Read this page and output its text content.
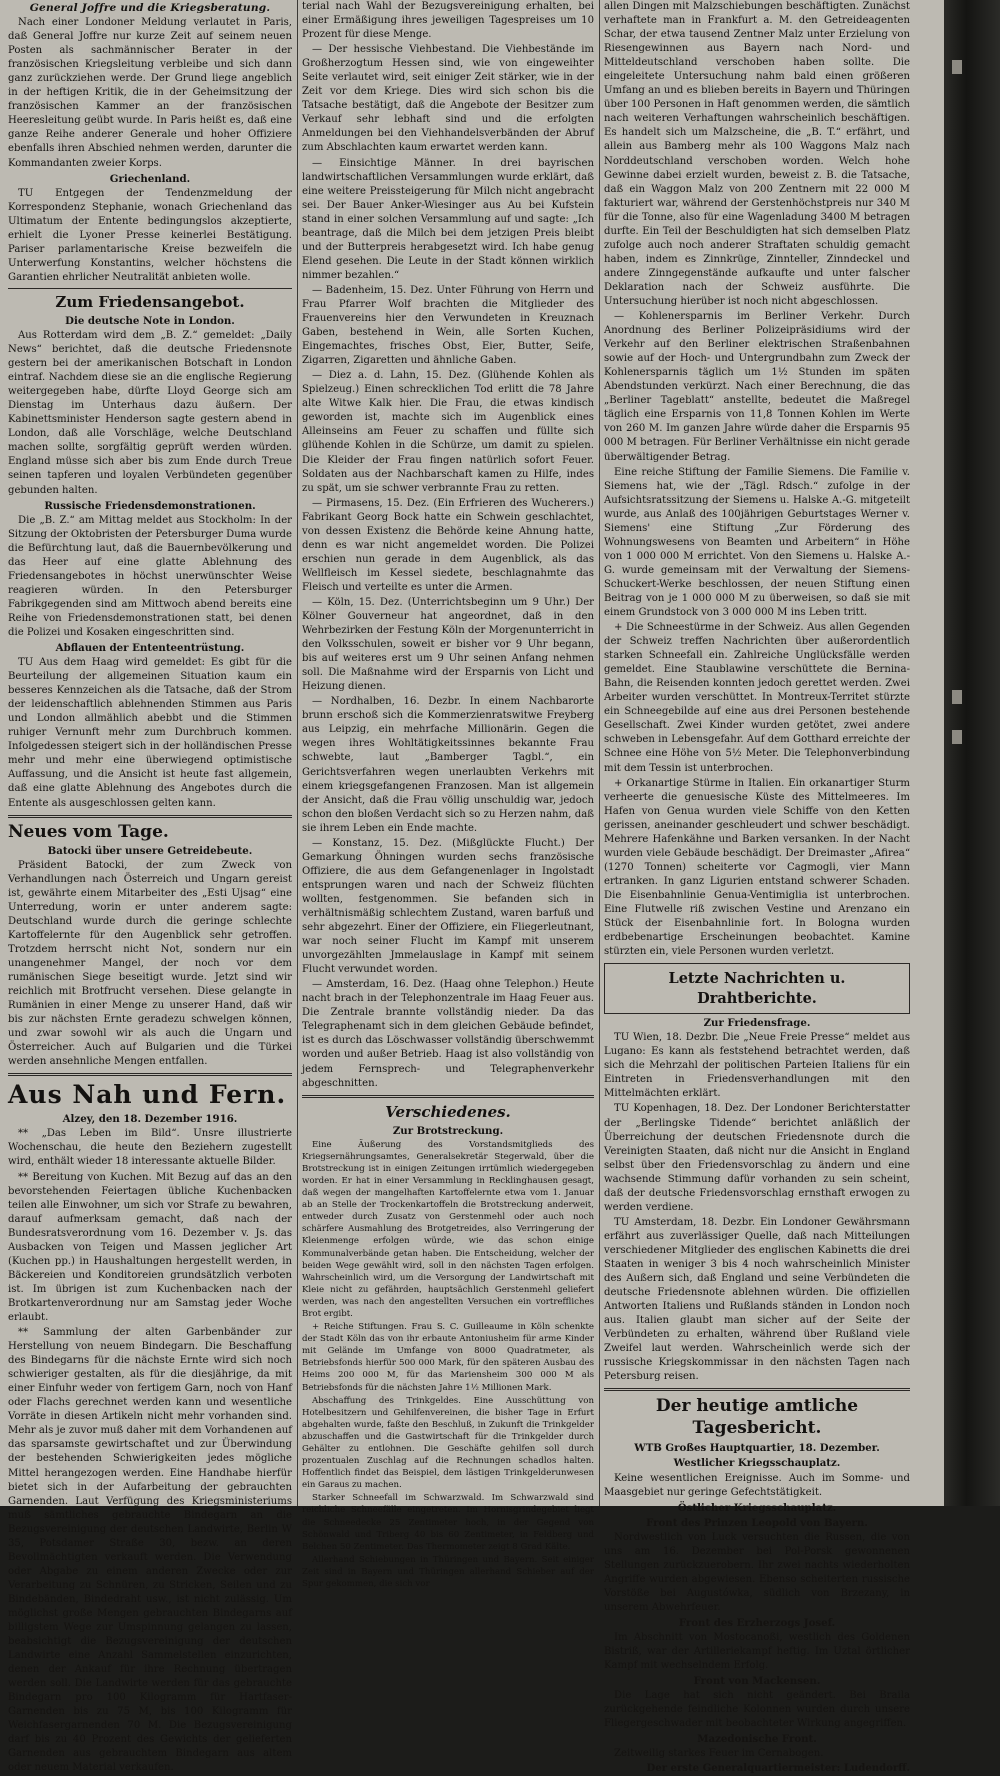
General Joffre und die Kriegsberatung.

Nach einer Londoner Meldung verlautet in Paris, daß General Joffre nur kurze Zeit auf seinem neuen Posten als sachmännischer Berater in der französischen Kriegsleitung verbleibe und sich dann ganz zurückziehen werde. Der Grund liege angeblich in der heftigen Kritik, die in der Geheimsitzung der französischen Kammer an der französischen Heeresleitung geübt wurde. In Paris heißt es, daß eine ganze Reihe anderer Generale und hoher Offiziere ebenfalls ihren Abschied nehmen werden, darunter die Kommandanten zweier Korps.

Griechenland.

TU Entgegen der Tendenzmeldung der Korrespondenz Stephanie, wonach Griechenland das Ultimatum der Entente bedingungslos akzeptierte, erhielt die Lyoner Presse keinerlei Bestätigung. Pariser parlamentarische Kreise bezweifeln die Unterwerfung Konstantins, welcher höchstens die Garantien ehrlicher Neutralität anbieten wolle.

Zum Friedensangebot.
Die deutsche Note in London.

Aus Rotterdam wird dem „B. Z.“ gemeldet: „Daily News“ berichtet, daß die deutsche Friedensnote gestern bei der amerikanischen Botschaft in London eintraf. Nachdem diese sie an die englische Regierung weitergegeben habe, dürfte Lloyd George sich am Dienstag im Unterhaus dazu äußern. Der Kabinettsminister Henderson sagte gestern abend in London, daß alle Vorschläge, welche Deutschland machen sollte, sorgfältig geprüft werden würden. England müsse sich aber bis zum Ende durch Treue seinen tapferen und loyalen Verbündeten gegenüber gebunden halten.

Russische Friedensdemonstrationen.

Die „B. Z.“ am Mittag meldet aus Stockholm: In der Sitzung der Oktobristen der Petersburger Duma wurde die Befürchtung laut, daß die Bauernbevölkerung und das Heer auf eine glatte Ablehnung des Friedensangebotes in höchst unerwünschter Weise reagieren würden. In den Petersburger Fabrikgegenden sind am Mittwoch abend bereits eine Reihe von Friedensdemonstrationen statt, bei denen die Polizei und Kosaken eingeschritten sind.

Abflauen der Ententeentrüstung.

TU Aus dem Haag wird gemeldet: Es gibt für die Beurteilung der allgemeinen Situation kaum ein besseres Kennzeichen als die Tatsache, daß der Strom der leidenschaftlich ablehnenden Stimmen aus Paris und London allmählich abebbt und die Stimmen ruhiger Vernunft mehr zum Durchbruch kommen. Infolgedessen steigert sich in der holländischen Presse mehr und mehr eine überwiegend optimistische Auffassung, und die Ansicht ist heute fast allgemein, daß eine glatte Ablehnung des Angebotes durch die Entente als ausgeschlossen gelten kann.

Neues vom Tage.
Batocki über unsere Getreidebeute.

Präsident Batocki, der zum Zweck von Verhandlungen nach Österreich und Ungarn gereist ist, gewährte einem Mitarbeiter des „Esti Ujsag“ eine Unterredung, worin er unter anderem sagte: Deutschland wurde durch die geringe schlechte Kartoffelernte für den Augenblick sehr getroffen. Trotzdem herrscht nicht Not, sondern nur ein unangenehmer Mangel, der noch vor dem rumänischen Siege beseitigt wurde. Jetzt sind wir reichlich mit Brotfrucht versehen. Diese gelangte in Rumänien in einer Menge zu unserer Hand, daß wir bis zur nächsten Ernte geradezu schwelgen können, und zwar sowohl wir als auch die Ungarn und Österreicher. Auch auf Bulgarien und die Türkei werden ansehnliche Mengen entfallen.

Aus Nah und Fern.
Alzey, den 18. Dezember 1916.

** „Das Leben im Bild“. Unsre illustrierte Wochenschau, die heute den Beziehern zugestellt wird, enthält wieder 18 interessante aktuelle Bilder.

** Bereitung von Kuchen. Mit Bezug auf das an den bevorstehenden Feiertagen übliche Kuchenbacken teilen alle Einwohner, um sich vor Strafe zu bewahren, darauf aufmerksam gemacht, daß nach der Bundesratsverordnung vom 16. Dezember v. Js. das Ausbacken von Teigen und Massen jeglicher Art (Kuchen pp.) in Haushaltungen hergestellt werden, in Bäckereien und Konditoreien grundsätzlich verboten ist. Im übrigen ist zum Kuchenbacken nach der Brotkartenverordnung nur am Samstag jeder Woche erlaubt.

** Sammlung der alten Garbenbänder zur Herstellung von neuem Bindegarn. Die Beschaffung des Bindegarns für die nächste Ernte wird sich noch schwieriger gestalten, als für die diesjährige, da mit einer Einfuhr weder von fertigem Garn, noch von Hanf oder Flachs gerechnet werden kann und wesentliche Vorräte in diesen Artikeln nicht mehr vorhanden sind. Mehr als je zuvor muß daher mit dem Vorhandenen auf das sparsamste gewirtschaftet und zur Überwindung der bestehenden Schwierigkeiten jedes mögliche Mittel herangezogen werden. Eine Handhabe hierfür bietet sich in der Aufarbeitung der gebrauchten Garnenden. Laut Verfügung des Kriegsministeriums muß sämtliches gebrauchte Bindegarn an die Bezugsvereinigung der deutschen Landwirte, Berlin W 35, Potsdamer Straße 30, bezw. an deren Bevollmächtigten verkauft werden. Die Verwendung oder Abgabe zu einem anderen Zwecke oder zur Verarbeitung zu Schnüren, zu Stricken, Seilen und zu Bindebänden, Bindedraht usw., ist nicht zulässig. Um möglichst große Mengen gebrauchten Bindegarns auf billigstem Wege zur Umspinnung gelangen zu lassen, beabsichtigt die Bezugsvereinigung der deutschen Landwirte eine Anzahl Sammelstellen einzurichten, denen der Ankauf für ihre Rechnung übertragen werden soll. Die Landwirte werden für das gebrauchte Bindegarn pro 100 Kilogramm für Hartfaser-Garnenden bis zu 75 M, bis 100 Kilogramm für Weichfasergarnenden 70 M. Die Bezugsvereinigung darf bis zu 40 Prozent des Gewichts der gelieferten Garnenden aus gebrauchtem Bindegarn aus altem oder neuem Material verkaufen.

terial nach Wahl der Bezugsvereinigung erhalten, bei einer Ermäßigung ihres jeweiligen Tagespreises um 10 Prozent für diese Menge.

— Der hessische Viehbestand. Die Viehbestände im Großherzogtum Hessen sind, wie von eingeweihter Seite verlautet wird, seit einiger Zeit stärker, wie in der Zeit vor dem Kriege. Dies wird sich schon bis die Tatsache bestätigt, daß die Angebote der Besitzer zum Verkauf sehr lebhaft sind und die erfolgten Anmeldungen bei den Viehhandelsverbänden der Abruf zum Abschlachten kaum erwartet werden kann.

— Einsichtige Männer. In drei bayrischen landwirtschaftlichen Versammlungen wurde erklärt, daß eine weitere Preissteigerung für Milch nicht angebracht sei. Der Bauer Anker-Wiesinger aus Au bei Kufstein stand in einer solchen Versammlung auf und sagte: „Ich beantrage, daß die Milch bei dem jetzigen Preis bleibt und der Butterpreis herabgesetzt wird. Ich habe genug Elend gesehen. Die Leute in der Stadt können wirklich nimmer bezahlen.“

— Badenheim, 15. Dez. Unter Führung von Herrn und Frau Pfarrer Wolf brachten die Mitglieder des Frauenvereins hier den Verwundeten in Kreuznach Gaben, bestehend in Wein, alle Sorten Kuchen, Eingemachtes, frisches Obst, Eier, Butter, Seife, Zigarren, Zigaretten und ähnliche Gaben.

— Diez a. d. Lahn, 15. Dez. (Glühende Kohlen als Spielzeug.) Einen schrecklichen Tod erlitt die 78 Jahre alte Witwe Kalk hier. Die Frau, die etwas kindisch geworden ist, machte sich im Augenblick eines Alleinseins am Feuer zu schaffen und füllte sich glühende Kohlen in die Schürze, um damit zu spielen. Die Kleider der Frau fingen natürlich sofort Feuer. Soldaten aus der Nachbarschaft kamen zu Hilfe, indes zu spät, um sie schwer verbrannte Frau zu retten.

— Pirmasens, 15. Dez. (Ein Erfrieren des Wucherers.) Fabrikant Georg Bock hatte ein Schwein geschlachtet, von dessen Existenz die Behörde keine Ahnung hatte, denn es war nicht angemeldet worden. Die Polizei erschien nun gerade in dem Augenblick, als das Wellfleisch im Kessel siedete, beschlagnahmte das Fleisch und verteilte es unter die Armen.

— Köln, 15. Dez. (Unterrichtsbeginn um 9 Uhr.) Der Kölner Gouverneur hat angeordnet, daß in den Wehrbezirken der Festung Köln der Morgenunterricht in den Volksschulen, soweit er bisher vor 9 Uhr begann, bis auf weiteres erst um 9 Uhr seinen Anfang nehmen soll. Die Maßnahme wird der Ersparnis von Licht und Heizung dienen.

— Nordhalben, 16. Dezbr. In einem Nachbarorte brunn erschoß sich die Kommerzienratswitwe Freyberg aus Leipzig, ein mehrfache Millionärin. Gegen die wegen ihres Wohltätigkeitssinnes bekannte Frau schwebte, laut „Bamberger Tagbl.“, ein Gerichtsverfahren wegen unerlaubten Verkehrs mit einem kriegsgefangenen Franzosen. Man ist allgemein der Ansicht, daß die Frau völlig unschuldig war, jedoch schon den bloßen Verdacht sich so zu Herzen nahm, daß sie ihrem Leben ein Ende machte.

— Konstanz, 15. Dez. (Mißglückte Flucht.) Der Gemarkung Öhningen wurden sechs französische Offiziere, die aus dem Gefangenenlager in Ingolstadt entsprungen waren und nach der Schweiz flüchten wollten, festgenommen. Sie befanden sich in verhältnismäßig schlechtem Zustand, waren barfuß und sehr abgezehrt. Einer der Offiziere, ein Fliegerleutnant, war noch seiner Flucht im Kampf mit unserem unvorgezählten Jmmelauslage in Kampf mit seinem Flucht verwundet worden.

— Amsterdam, 16. Dez. (Haag ohne Telephon.) Heute nacht brach in der Telephonzentrale im Haag Feuer aus. Die Zentrale brannte vollständig nieder. Da das Telegraphenamt sich in dem gleichen Gebäude befindet, ist es durch das Löschwasser vollständig überschwemmt worden und außer Betrieb. Haag ist also vollständig von jedem Fernsprech- und Telegraphenverkehr abgeschnitten.

Verschiedenes.
Zur Brotstreckung.

Eine Äußerung des Vorstandsmitglieds des Kriegsernährungsamtes, Generalsekretär Stegerwald, über die Brotstreckung ist in einigen Zeitungen irrtümlich wiedergegeben worden. Er hat in einer Versammlung in Recklinghausen gesagt, daß wegen der mangelhaften Kartoffelernte etwa vom 1. Januar ab an Stelle der Trockenkartoffeln die Brotstreckung anderweit, entweder durch Zusatz von Gerstenmehl oder auch noch schärfere Ausmahlung des Brotgetreides, also Verringerung der Kleienmenge erfolgen würde, wie das schon einige Kommunalverbände getan haben. Die Entscheidung, welcher der beiden Wege gewählt wird, soll in den nächsten Tagen erfolgen. Wahrscheinlich wird, um die Versorgung der Landwirtschaft mit Kleie nicht zu gefährden, hauptsächlich Gerstenmehl geliefert werden, was nach den angestellten Versuchen ein vortreffliches Brot ergibt.

+ Reiche Stiftungen. Frau S. C. Guilleaume in Köln schenkte der Stadt Köln das von ihr erbaute Antoniusheim für arme Kinder mit Gelände im Umfange von 8000 Quadratmeter, als Betriebsfonds hierfür 500 000 Mark, für den späteren Ausbau des Heims 200 000 M, für das Mariensheim 300 000 M als Betriebsfonds für die nächsten Jahre 1½ Millionen Mark.

Abschaffung des Trinkgeldes. Eine Ausschüttung von Hotelbesitzern und Gehilfenvereinen, die bisher Tage in Erfurt abgehalten wurde, faßte den Beschluß, in Zukunft die Trinkgelder abzuschaffen und die Gastwirtschaft für die Trinkgelder durch Gehälter zu entlohnen. Die Geschäfte gehilfen soll durch prozentualen Zuschlag auf die Rechnungen schadlos halten. Hoffentlich findet das Beispiel, dem lästigen Trinkgelderunwesen ein Garaus zu machen.

Starker Schneefall im Schwarzwald. Im Schwarzwald sind reichliche Schneefälle eingetreten. Im Hornisgrindegebiet liegt die Schneedecke 25 Zentimeter hoch, in der Gegend von Schönwald und Triberg 40 bis 60 Zentimeter, in Feldberg und Belchen 50 Zentimeter. Das Thermometer zeigt 8 Grad Kälte.

Allerhand Schiebungen in Thüringen und Bayern. Seit einiger Zeit sind in Bayern und Thüringen allerhand Schieber auf der Spur gekommen, die sich vor

allen Dingen mit Malzschiebungen beschäftigten. Zunächst verhaftete man in Frankfurt a. M. den Getreideagenten Schar, der etwa tausend Zentner Malz unter Erzielung von Riesengewinnen aus Bayern nach Nord- und Mitteldeutschland verschoben haben sollte. Die eingeleitete Untersuchung nahm bald einen größeren Umfang an und es blieben bereits in Bayern und Thüringen über 100 Personen in Haft genommen werden, die sämtlich nach weiteren Verhaftungen wahrscheinlich beschäftigen. Es handelt sich um Malzscheine, die „B. T.“ erfährt, und allein aus Bamberg mehr als 100 Waggons Malz nach Norddeutschland verschoben worden. Welch hohe Gewinne dabei erzielt wurden, beweist z. B. die Tatsache, daß ein Waggon Malz von 200 Zentnern mit 22 000 M fakturiert war, während der Gerstenhöchstpreis nur 340 M für die Tonne, also für eine Wagenladung 3400 M betragen durfte. Ein Teil der Beschuldigten hat sich demselben Platz zufolge auch noch anderer Straftaten schuldig gemacht haben, indem es Zinnkrüge, Zinnteller, Zinndeckel und andere Zinngegenstände aufkaufte und unter falscher Deklaration nach der Schweiz ausführte. Die Untersuchung hierüber ist noch nicht abgeschlossen.

— Kohlenersparnis im Berliner Verkehr. Durch Anordnung des Berliner Polizeipräsidiums wird der Verkehr auf den Berliner elektrischen Straßenbahnen sowie auf der Hoch- und Untergrundbahn zum Zweck der Kohlenersparnis täglich um 1½ Stunden im späten Abendstunden verkürzt. Nach einer Berechnung, die das „Berliner Tageblatt“ anstellte, bedeutet die Maßregel täglich eine Ersparnis von 11,8 Tonnen Kohlen im Werte von 260 M. Im ganzen Jahre würde daher die Ersparnis 95 000 M betragen. Für Berliner Verhältnisse ein nicht gerade überwältigender Betrag.

Eine reiche Stiftung der Familie Siemens. Die Familie v. Siemens hat, wie der „Tägl. Rdsch.“ zufolge in der Aufsichtsratssitzung der Siemens u. Halske A.-G. mitgeteilt wurde, aus Anlaß des 100jährigen Geburtstages Werner v. Siemens' eine Stiftung „Zur Förderung des Wohnungswesens von Beamten und Arbeitern“ in Höhe von 1 000 000 M errichtet. Von den Siemens u. Halske A.-G. wurde gemeinsam mit der Verwaltung der Siemens-Schuckert-Werke beschlossen, der neuen Stiftung einen Beitrag von je 1 000 000 M zu überweisen, so daß sie mit einem Grundstock von 3 000 000 M ins Leben tritt.

+ Die Schneestürme in der Schweiz. Aus allen Gegenden der Schweiz treffen Nachrichten über außerordentlich starken Schneefall ein. Zahlreiche Unglücksfälle werden gemeldet. Eine Staublawine verschüttete die Bernina-Bahn, die Reisenden konnten jedoch gerettet werden. Zwei Arbeiter wurden verschüttet. In Montreux-Territet stürzte ein Schneegebilde auf eine aus drei Personen bestehende Gesellschaft. Zwei Kinder wurden getötet, zwei andere schweben in Lebensgefahr. Auf dem Gotthard erreichte der Schnee eine Höhe von 5½ Meter. Die Telephonverbindung mit dem Tessin ist unterbrochen.

+ Orkanartige Stürme in Italien. Ein orkanartiger Sturm verheerte die genuesische Küste des Mittelmeeres. Im Hafen von Genua wurden viele Schiffe von den Ketten gerissen, aneinander geschleudert und schwer beschädigt. Mehrere Hafenkähne und Barken versanken. In der Nacht wurden viele Gebäude beschädigt. Der Dreimaster „Afirea“ (1270 Tonnen) scheiterte vor Cagmogli, vier Mann ertranken. In ganz Ligurien entstand schwerer Schaden. Die Eisenbahnlinie Genua-Ventimiglia ist unterbrochen. Eine Flutwelle riß zwischen Vestine und Arenzano ein Stück der Eisenbahnlinie fort. In Bologna wurden erdbebenartige Erscheinungen beobachtet. Kamine stürzten ein, viele Personen wurden verletzt.

Letzte Nachrichten u. Drahtberichte.
Zur Friedensfrage.

TU Wien, 18. Dezbr. Die „Neue Freie Presse“ meldet aus Lugano: Es kann als feststehend betrachtet werden, daß sich die Mehrzahl der politischen Parteien Italiens für ein Eintreten in Friedensverhandlungen mit den Mittelmächten erklärt.

TU Kopenhagen, 18. Dez. Der Londoner Berichterstatter der „Berlingske Tidende“ berichtet anläßlich der Überreichung der deutschen Friedensnote durch die Vereinigten Staaten, daß nicht nur die Ansicht in England selbst über den Friedensvorschlag zu ändern und eine wachsende Stimmung dafür vorhanden zu sein scheint, daß der deutsche Friedensvorschlag ernsthaft erwogen zu werden verdiene.

TU Amsterdam, 18. Dezbr. Ein Londoner Gewährsmann erfährt aus zuverlässiger Quelle, daß nach Mitteilungen verschiedener Mitglieder des englischen Kabinetts die drei Staaten in weniger 3 bis 4 noch wahrscheinlich Minister des Außern sich, daß England und seine Verbündeten die deutsche Friedensnote ablehnen würden. Die offiziellen Antworten Italiens und Rußlands ständen in London noch aus. Italien glaubt man sicher auf der Seite der Verbündeten zu erhalten, während über Rußland viele Zweifel laut werden. Wahrscheinlich werde sich der russische Kriegskommissar in den nächsten Tagen nach Petersburg reisen.

Der heutige amtliche Tagesbericht.
WTB Großes Hauptquartier, 18. Dezember.
Westlicher Kriegsschauplatz.

Keine wesentlichen Ereignisse. Auch im Somme- und Maasgebiet nur geringe Gefechtstätigkeit.

Östlicher Kriegsschauplatz.
Front des Prinzen Leopold von Bayern.

Nordwestlich von Luck versuchten die Russen, die von uns am 16. Dezember bei Pol-Porsk gewonnenen Stellungen zurückzuerobern. Ihr zwei nachts wiederholten Angriffe wurden abgewiesen. Ebenso scheiterten russische Vorstöße bei Augustówka, südlich von Brzezany, in unserem Abwehrfeuer.

Front des Erzherzogs Josef.

Im Abschnitt von Mostocanoßi, westlich des Goldenen Bistriß, war der Artilleriekampf heftig. Im Uztal örtlicher Kampf mit wechselndem Erfolg.

Front von Mackensen.

Die Lage hat sich nicht geändert. Bei Braila zurückgehende feindliche Kolonnen wurden durch unsere Fliegergeschwader mit beobachteter Wirkung angegriffen.

Mazedonische Front.

Zeitweilig starkes Feuer im Cernabogen.

Der erste Generalquartiermeister: Ludendorff.
